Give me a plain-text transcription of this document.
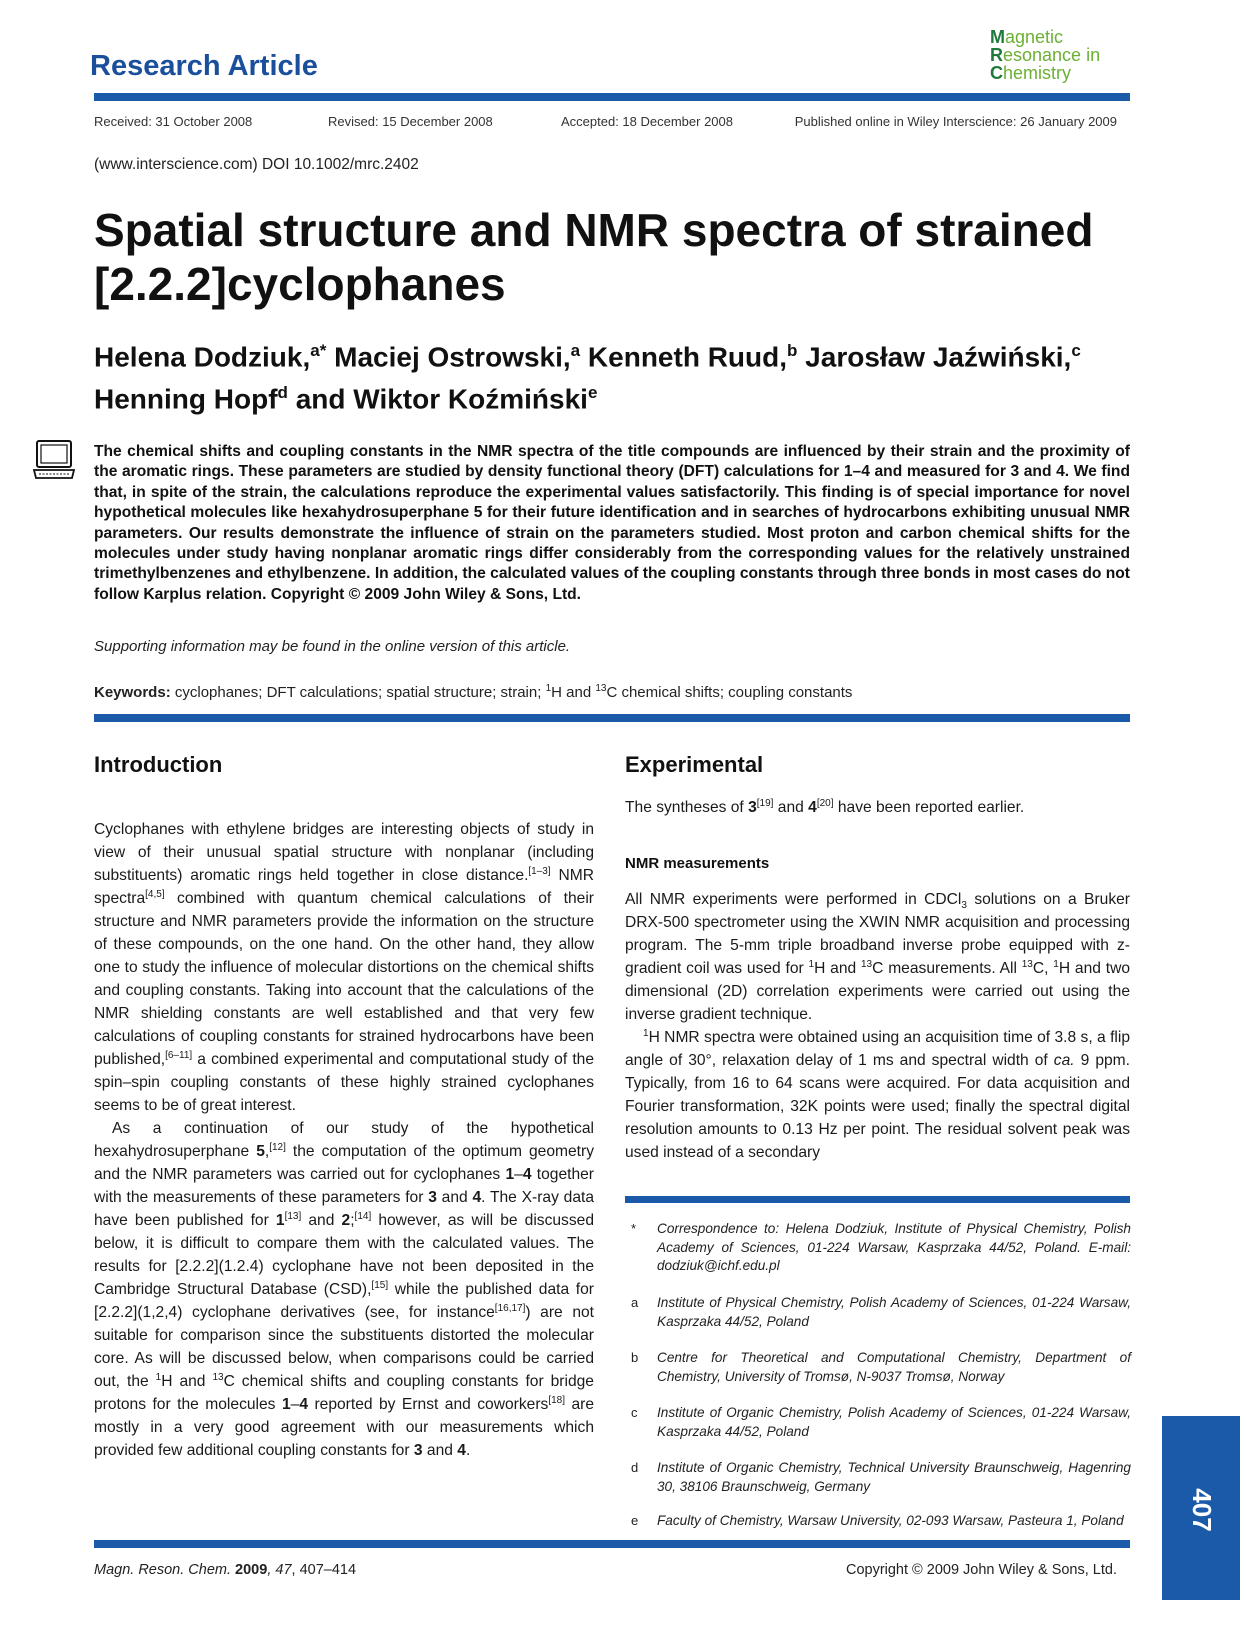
Research Article
Magnetic
Resonance in
Chemistry
Received: 31 October 2008	Revised: 15 December 2008	Accepted: 18 December 2008	Published online in Wiley Interscience: 26 January 2009
(www.interscience.com) DOI 10.1002/mrc.2402
Spatial structure and NMR spectra of strained
[2.2.2]cyclophanes
Helena Dodziuk,$^{a*}$ Maciej Ostrowski,$^a$ Kenneth Ruud,$^b$ Jarosław Jaźwiński,$^c$
Henning Hopf$^d$ and Wiktor Koźmiński$^e$
The chemical shifts and coupling constants in the NMR spectra of the title compounds are influenced by their strain and the proximity of the aromatic rings. These parameters are studied by density functional theory (DFT) calculations for 1–4 and measured for 3 and 4. We find that, in spite of the strain, the calculations reproduce the experimental values satisfactorily. This finding is of special importance for novel hypothetical molecules like hexahydrosuperphane 5 for their future identification and in searches of hydrocarbons exhibiting unusual NMR parameters. Our results demonstrate the influence of strain on the parameters studied. Most proton and carbon chemical shifts for the molecules under study having nonplanar aromatic rings differ considerably from the corresponding values for the relatively unstrained trimethylbenzenes and ethylbenzene. In addition, the calculated values of the coupling constants through three bonds in most cases do not follow Karplus relation. Copyright © 2009 John Wiley & Sons, Ltd.
Supporting information may be found in the online version of this article.
Keywords: cyclophanes; DFT calculations; spatial structure; strain; $^1$H and $^{13}$C chemical shifts; coupling constants
Introduction

Cyclophanes with ethylene bridges are interesting objects of study in view of their unusual spatial structure with nonplanar (including substituents) aromatic rings held together in close distance.[1–3] NMR spectra[4,5] combined with quantum chemical calculations of their structure and NMR parameters provide the information on the structure of these compounds, on the one hand. On the other hand, they allow one to study the influence of molecular distortions on the chemical shifts and coupling constants. Taking into account that the calculations of the NMR shielding constants are well established and that very few calculations of coupling constants for strained hydrocarbons have been published,[6–11] a combined experimental and computational study of the spin–spin coupling constants of these highly strained cyclophanes seems to be of great interest.

As a continuation of our study of the hypothetical hexahydrosuperphane 5,[12] the computation of the optimum geometry and the NMR parameters was carried out for cyclophanes 1–4 together with the measurements of these parameters for 3 and 4. The X-ray data have been published for 1[13] and 2;[14] however, as will be discussed below, it is difficult to compare them with the calculated values. The results for [2.2.2](1.2.4) cyclophane have not been deposited in the Cambridge Structural Database (CSD),[15] while the published data for [2.2.2](1,2,4) cyclophane derivatives (see, for instance[16,17]) are not suitable for comparison since the substituents distorted the molecular core. As will be discussed below, when comparisons could be carried out, the $^1$H and $^{13}$C chemical shifts and coupling constants for bridge protons for the molecules 1–4 reported by Ernst and coworkers[18] are mostly in a very good agreement with our measurements which provided few additional coupling constants for 3 and 4.

Experimental

The syntheses of 3[19] and 4[20] have been reported earlier.

NMR measurements

All NMR experiments were performed in CDCl$_3$ solutions on a Bruker DRX-500 spectrometer using the XWIN NMR acquisition and processing program. The 5-mm triple broadband inverse probe equipped with z-gradient coil was used for $^1$H and $^{13}$C measurements. All $^{13}$C, $^1$H and two dimensional (2D) correlation experiments were carried out using the inverse gradient technique.

$^1$H NMR spectra were obtained using an acquisition time of 3.8 s, a flip angle of 30°, relaxation delay of 1 ms and spectral width of ca. 9 ppm. Typically, from 16 to 64 scans were acquired. For data acquisition and Fourier transformation, 32K points were used; finally the spectral digital resolution amounts to 0.13 Hz per point. The residual solvent peak was used instead of a secondary

* Correspondence to: Helena Dodziuk, Institute of Physical Chemistry, Polish Academy of Sciences, 01-224 Warsaw, Kasprzaka 44/52, Poland. E-mail: dodziuk@ichf.edu.pl
a Institute of Physical Chemistry, Polish Academy of Sciences, 01-224 Warsaw, Kasprzaka 44/52, Poland
b Centre for Theoretical and Computational Chemistry, Department of Chemistry, University of Tromsø, N-9037 Tromsø, Norway
c Institute of Organic Chemistry, Polish Academy of Sciences, 01-224 Warsaw, Kasprzaka 44/52, Poland
d Institute of Organic Chemistry, Technical University Braunschweig, Hagenring 30, 38106 Braunschweig, Germany
e Faculty of Chemistry, Warsaw University, 02-093 Warsaw, Pasteura 1, Poland
Magn. Reson. Chem. 2009, 47, 407–414	Copyright © 2009 John Wiley & Sons, Ltd.
407
